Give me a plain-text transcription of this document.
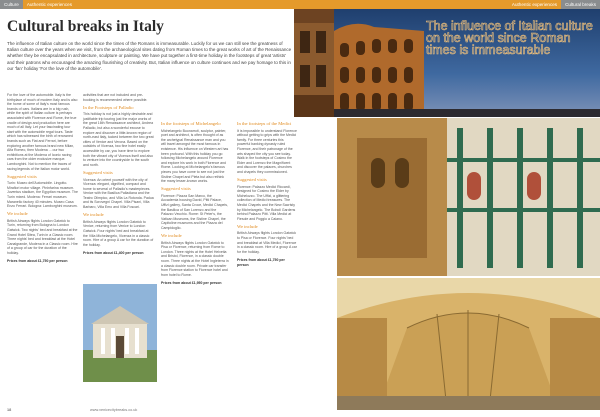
Culture	Authentic experiences	Authentic experiences	Cultural breaks
Cultural breaks in Italy

The influence of Italian culture on the world since the times of the Romans is immeasurable. Luckily for us we can still see the greatness of Italian culture over the years when we visit, from the archaeological sites dating from Roman times to the great works of art of the Renaissance whether they be encapsulated in architecture, sculpture or painting. We have put together a first-time holiday in the footsteps of great 'artists' and their patrons who encouraged the amazing flourishing of creativity. But, Italian influence on culture continues and we pay homage to this in our 'fan' holiday 'For the love of the automobile'.

The influence of Italian culture on the world since Roman times is immeasurable

For the love of the automobile. Italy is the birthplace of much of modern Italy and is also the home of some of Italy's most famous brands of cars. Italians are in a big rush, while the spirit of Italian culture is perhaps associated with Florence and Rome, the true cradle of design and production here are much of all Italy. Let your fascinating tour start with the automobile regal tours. Taste which has witnessed the birth of renowned brands such as Fiat and Ferrari, before exploring another famous brand new Milan, Alfa Romeo, then Modena ... our two exhibitions at the Modena of Iconic racing cars from the older exclusive marque. Lamborghini. Not to mention the traces of racing legends of the Italian motor world.

Suggested visits

Turin: Museo dell'Automobile. Lingotto. Mirafiori motor village. Pininfarina museum. Juventus stadium, the Egyptian museum. The Turin mixed. Modena: Ferrari museum. Maranello factory 40 minutes. Museo Casa Enzo Ferrari. Bologna: Lamborghini museum.

We include

British Airways flights London Gatwick to Turin, returning from Bologna to London Gatwick. Two nights' bed and breakfast at the Grand Hotel Sitea, Turin in a Classic room. Three nights' bed and breakfast at the Hotel Canalgrande, Modena in a Classic room. Hire of a group of car for the duration of the holiday.

Prices from about £1,750 per person

activities that are not included and pre-booking is recommended where possible.

In the Footsteps of Palladio

This holiday is not just a highly desirable and justifiable trip touring just the major works of the great 16th Renaissance architect, Andrea Palladio, but also a wonderful excuse to explore and discover a little-known region of north-east Italy, tucked between the two great cities of Venice and Verona. Based on the outskirts of Vicenza, two fine hotel easily accessible by car, you have time to explore both the vibrant city of Vicenza itself and also to venture into the countryside to the south and north.

Suggested visits

Vicenza: An orient yourself with the city of Vicenza: elegant, dignified, compact and home to several of Palladio's masterpieces. Venice with the Basilica Palladiana and the Teatro Olimpico, and Villa La Rotonda. Padua and its Scrovegni Chapel. Villa Pisani, Villa Barbaro, Villa Emo and Villa Foscari.

We include

British Airways flights London Gatwick to Venice, returning from Venice to London Gatwick. Four nights' bed and breakfast at the Villa Michelangelo, Vicenza in a classic room. Hire of a group A car for the duration of the holiday.

Prices from about £1,400 per person

In the footsteps of Michelangelo

Michelangelo Buonarroti, sculptor, painter, poet and architect, is often thought of as the archetypal Renaissance man and you will travel amongst the most famous in existence. His influence on Western art has been profound. With this holiday you go following Michelangelo around Florence and explore his work in both Florence and Rome. Looking at Michelangelo's famous pieces you have come to see not just the Sistine Chapel and Pieta but also rethink the many lesser-known works.

Suggested visits

Florence: Piazza San Marco, the Accademia housing David, Pitti Palace, Uffizi gallery, Santa Croce, Medici Chapels, the Basilica of San Lorenzo and the Palazzo Vecchio. Rome: St Peter's, the Vatican Museums, the Sistine Chapel, the Capitoline museums and the Piazza del Campidoglio.

We include

British Airways flights London Gatwick to Pisa or Florence, returning from Rome to London. Three nights at the Hotel Helvetia and Bristol, Florence, in a classic double room. Three nights at the Hotel Ingleterra in a classic double room. Private car transfer from Florence station to Florence hotel and from hotel to Rome.

Prices from about £1,950 per person

In the footsteps of the Medici

It is impossible to understand Florence without getting to grips with the Medici family. For three centuries this powerful banking dynasty ruled Florence, and their patronage of the arts shaped the city you see today. Walk in the footsteps of Cosimo the Elder and Lorenzo the Magnificent and discover the palaces, churches and chapels they commissioned.

Suggested visits

Florence: Palazzo Medici Riccardi, designed for Cosimo the Elder by Michelozzo. The Uffizi, a glittering collection of Medici treasures. The Medici Chapels and the New Sacristy by Michelangelo. The Boboli Gardens behind Palazzo Pitti. Villa Medici at Fiesole and Poggio a Caiano.

We include

British Airways flights London Gatwick to Pisa or Florence. Four nights' bed and breakfast at Villa Medici, Florence in a classic room. Hire of a group A car for the holiday.

Prices from about £1,750 per person

18	www.venicecitybreaks.co.uk
